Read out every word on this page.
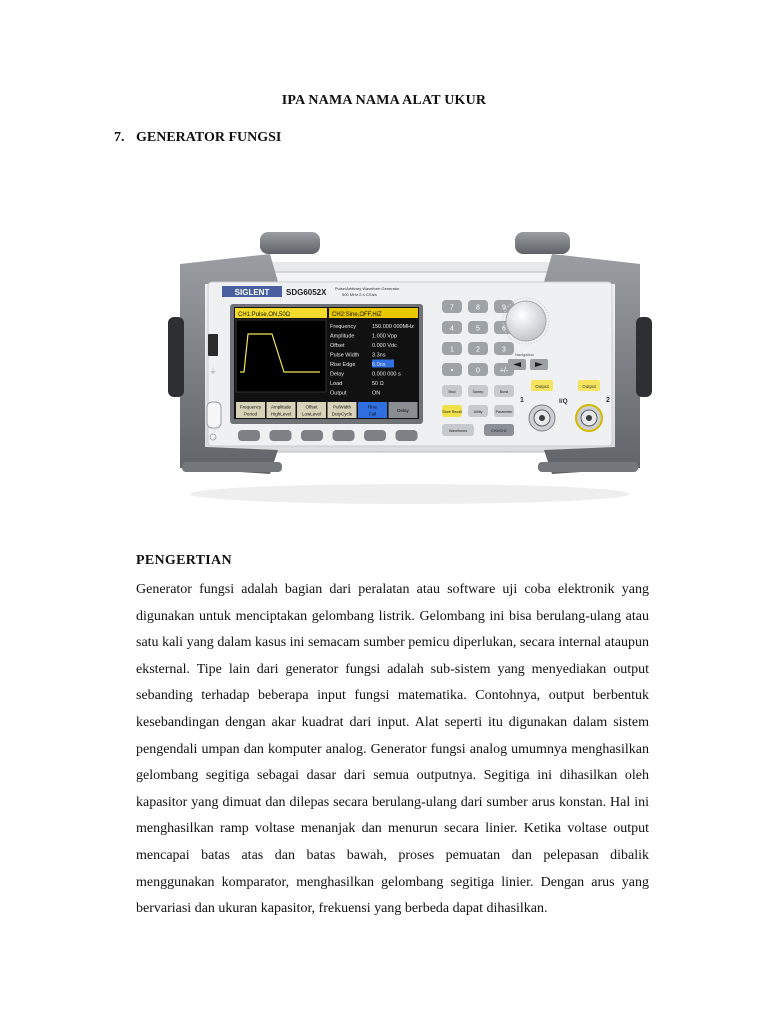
IPA NAMA NAMA ALAT UKUR
7. GENERATOR FUNGSI
SIGLENT SDG6052X Pulse/Arbitrary Waveform Generator
500 MHz 2.4 GSa/s
⏚
CH1:Pulse,ON,50Ω	CH2:Sine,OFF,HiZ
Frequency	150.000 000MHz
Amplitude	1.000 Vpp
Offset	0.000 Vdc
Pulse Width 3.3ns
Rise Edge	6.0ns
Delay	0.000 000 s
Load	50 Ω
Output	ON
Frequency
Period
Amplitude
HighLevel
Offset
LowLevel
PulWidth
DutyCycle
Rise
Fall
Delay
7	8	9
4	5	6
1	2	3
•	0	+/-
Mod	Sweep	Burst
Store Recall	Utility	Parameter
Waveforms	CH1/CH2
Navigation
Output	Output
1	I/Q	2
PENGERTIAN

Generator fungsi adalah bagian dari peralatan atau software uji coba elektronik yang digunakan untuk menciptakan gelombang listrik. Gelombang ini bisa berulang-ulang atau satu kali yang dalam kasus ini semacam sumber pemicu diperlukan, secara internal ataupun eksternal. Tipe lain dari generator fungsi adalah sub-sistem yang menyediakan output sebanding terhadap beberapa input fungsi matematika. Contohnya, output berbentuk kesebandingan dengan akar kuadrat dari input. Alat seperti itu digunakan dalam sistem pengendali umpan dan komputer analog. Generator fungsi analog umumnya menghasilkan gelombang segitiga sebagai dasar dari semua outputnya. Segitiga ini dihasilkan oleh kapasitor yang dimuat dan dilepas secara berulang-ulang dari sumber arus konstan. Hal ini menghasilkan ramp voltase menanjak dan menurun secara linier. Ketika voltase output mencapai batas atas dan batas bawah, proses pemuatan dan pelepasan dibalik menggunakan komparator, menghasilkan gelombang segitiga linier. Dengan arus yang bervariasi dan ukuran kapasitor, frekuensi yang berbeda dapat dihasilkan.
